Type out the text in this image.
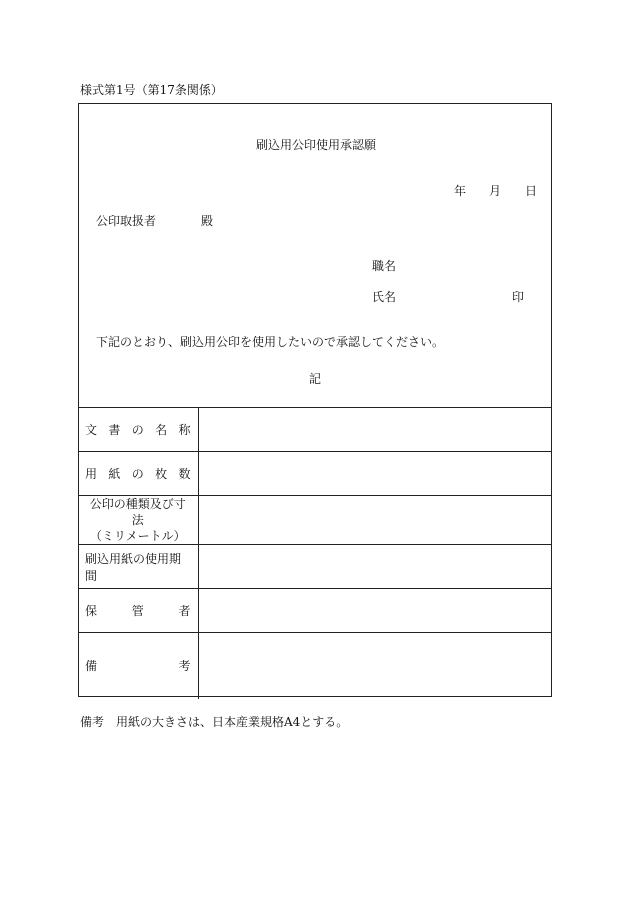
様式第1号（第17条関係）
刷込用公印使用承認願
年 月 日
公印取扱者	殿
職名
氏名	印
下記のとおり、刷込用公印を使用したいので承認してください。
記
文 書 の 名 称	

用 紙 の 枚 数	

公印の種類及び寸法
（ミリメートル）	

刷込用紙の使用期間	

保 管 者	

備 考	

備考　用紙の大きさは、日本産業規格A4とする。
